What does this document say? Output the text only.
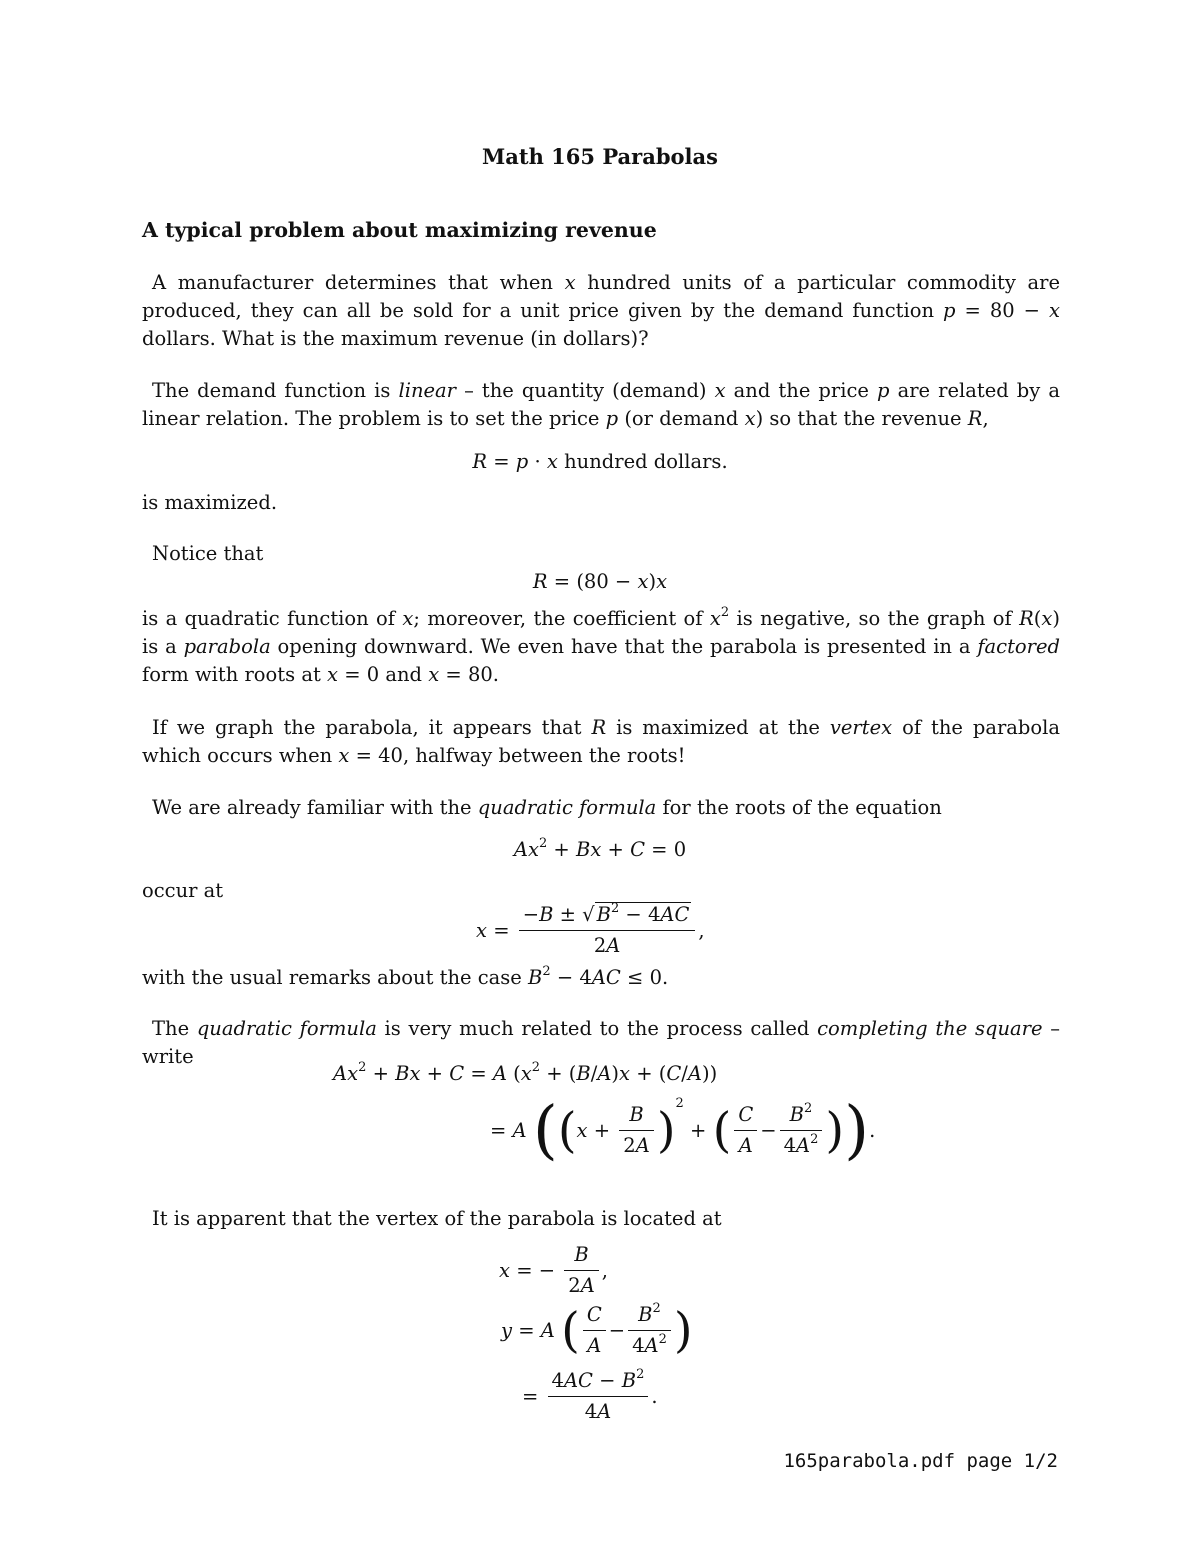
Math 165 Parabolas
A typical problem about maximizing revenue
A manufacturer determines that when x hundred units of a particular commodity are produced, they can all be sold for a unit price given by the demand function p = 80 − x dollars. What is the maximum revenue (in dollars)?
The demand function is linear – the quantity (demand) x and the price p are related by a linear relation. The problem is to set the price p (or demand x) so that the revenue R,
R = p · x hundred dollars.
is maximized.
Notice that
R = (80 − x)x
is a quadratic function of x; moreover, the coefficient of $x^2$ is negative, so the graph of R(x) is a parabola opening downward. We even have that the parabola is presented in a factored form with roots at x = 0 and x = 80.
If we graph the parabola, it appears that R is maximized at the vertex of the parabola which occurs when x = 40, halfway between the roots!
We are already familiar with the quadratic formula for the roots of the equation
$Ax^2 + Bx + C = 0$
occur at
$x = \frac{-B \pm √ B^2 - 4AC}{2A}$ ,
with the usual remarks about the case $B^2 - 4AC \le 0$.
The quadratic formula is very much related to the process called completing the square – write
$Ax^2 + Bx + C = A$ $(x^2 + (B/A)x + (C/A))$
= A ($(x + \frac{B}{2A} )^2$ + ( $\frac{C}{A} - \frac{B^2}{4A^2}$ )).
It is apparent that the vertex of the parabola is located at
x = − $\frac{B}{2A}$ ,
y = A ( $\frac{C}{A} - \frac{B^2}{4A^2}$ )
= $\frac{4AC - B^2}{4A}$ .
165parabola.pdf page 1/2
